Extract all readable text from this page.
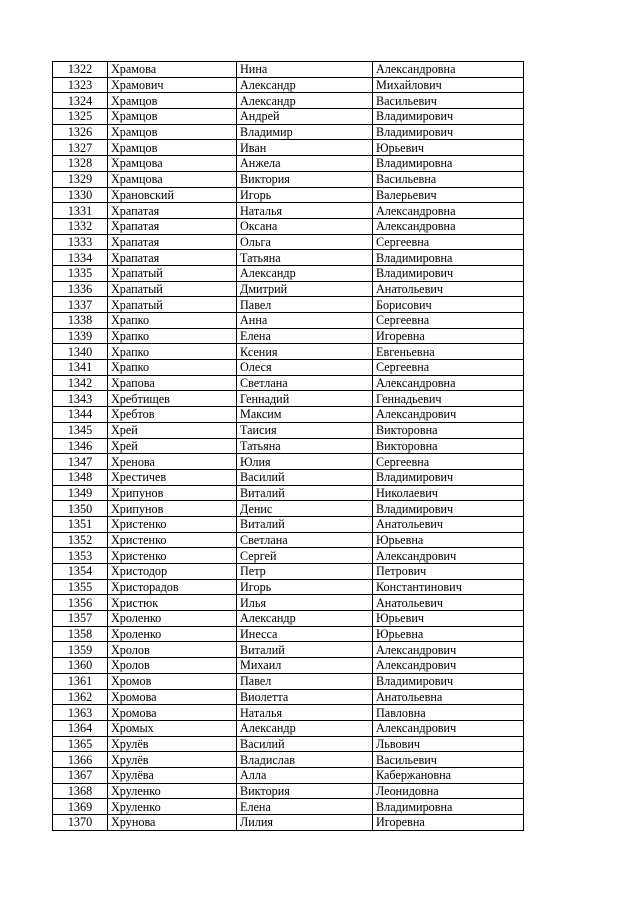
1322	Храмова	Нина	Александровна
1323	Храмович	Александр	Михайлович
1324	Храмцов	Александр	Васильевич
1325	Храмцов	Андрей	Владимирович
1326	Храмцов	Владимир	Владимирович
1327	Храмцов	Иван	Юрьевич
1328	Храмцова	Анжела	Владимировна
1329	Храмцова	Виктория	Васильевна
1330	Храновский	Игорь	Валерьевич
1331	Храпатая	Наталья	Александровна
1332	Храпатая	Оксана	Александровна
1333	Храпатая	Ольга	Сергеевна
1334	Храпатая	Татьяна	Владимировна
1335	Храпатый	Александр	Владимирович
1336	Храпатый	Дмитрий	Анатольевич
1337	Храпатый	Павел	Борисович
1338	Храпко	Анна	Сергеевна
1339	Храпко	Елена	Игоревна
1340	Храпко	Ксения	Евгеньевна
1341	Храпко	Олеся	Сергеевна
1342	Храпова	Светлана	Александровна
1343	Хребтищев	Геннадий	Геннадьевич
1344	Хребтов	Максим	Александрович
1345	Хрей	Таисия	Викторовна
1346	Хрей	Татьяна	Викторовна
1347	Хренова	Юлия	Сергеевна
1348	Хрестичев	Василий	Владимирович
1349	Хрипунов	Виталий	Николаевич
1350	Хрипунов	Денис	Владимирович
1351	Христенко	Виталий	Анатольевич
1352	Христенко	Светлана	Юрьевна
1353	Христенко	Сергей	Александрович
1354	Христодор	Петр	Петрович
1355	Христорадов	Игорь	Константинович
1356	Христюк	Илья	Анатольевич
1357	Хроленко	Александр	Юрьевич
1358	Хроленко	Инесса	Юрьевна
1359	Хролов	Виталий	Александрович
1360	Хролов	Михаил	Александрович
1361	Хромов	Павел	Владимирович
1362	Хромова	Виолетта	Анатольевна
1363	Хромова	Наталья	Павловна
1364	Хромых	Александр	Александрович
1365	Хрулёв	Василий	Львович
1366	Хрулёв	Владислав	Васильевич
1367	Хрулёва	Алла	Кабержановна
1368	Хруленко	Виктория	Леонидовна
1369	Хруленко	Елена	Владимировна
1370	Хрунова	Лилия	Игоревна
